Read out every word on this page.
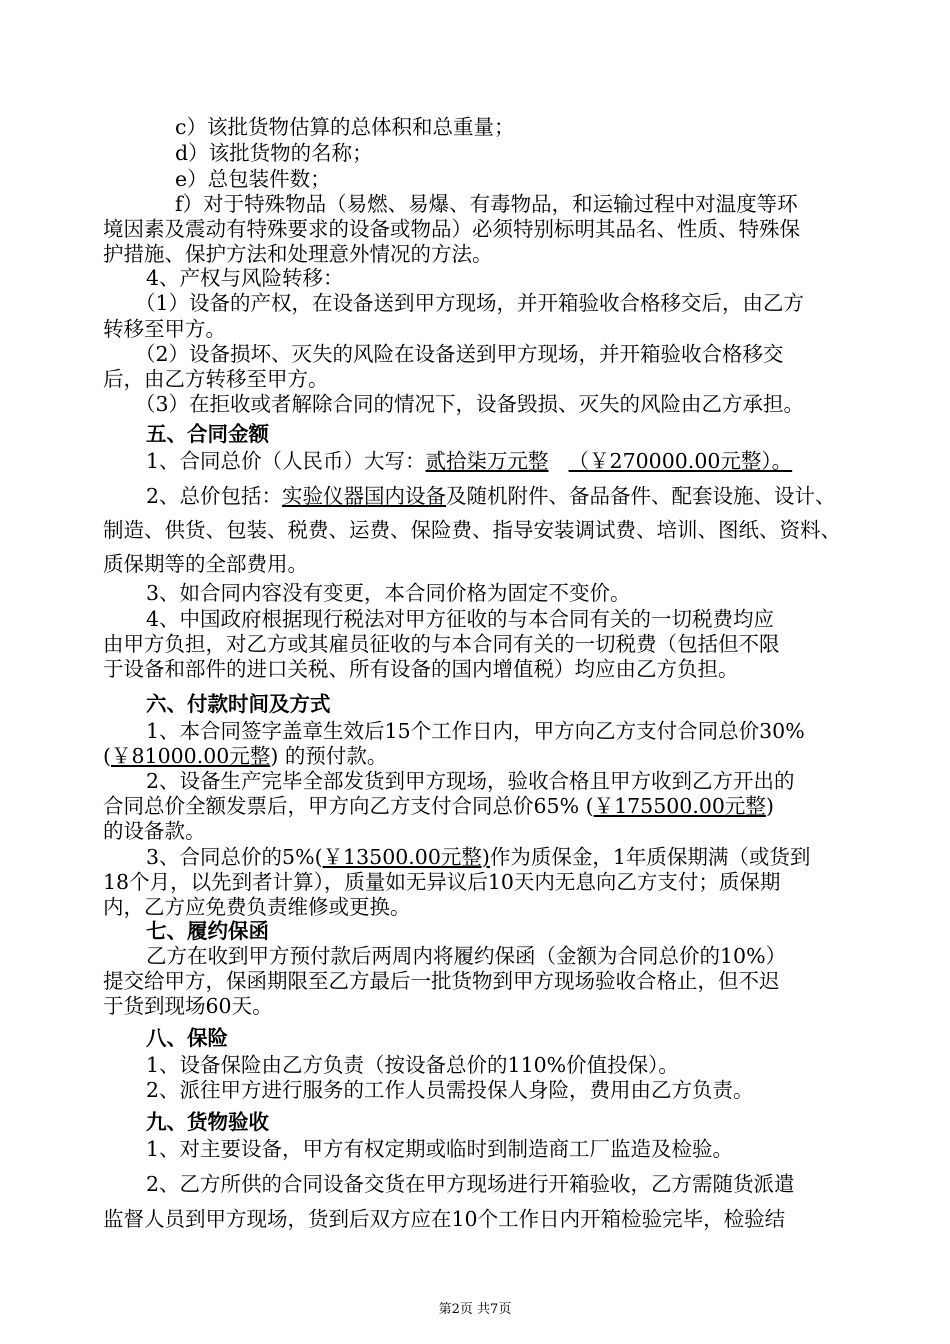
c）该批货物估算的总体积和总重量；
d）该批货物的名称；
e）总包装件数；
f）对于特殊物品（易燃、易爆、有毒物品，和运输过程中对温度等环
境因素及震动有特殊要求的设备或物品）必须特别标明其品名、性质、特殊保
护措施、保护方法和处理意外情况的方法。
4、产权与风险转移：
（1）设备的产权，在设备送到甲方现场，并开箱验收合格移交后，由乙方
转移至甲方。
（2）设备损坏、灭失的风险在设备送到甲方现场，并开箱验收合格移交
后，由乙方转移至甲方。
（3）在拒收或者解除合同的情况下，设备毁损、灭失的风险由乙方承担。
五、合同金额
1、合同总价（人民币）大写：贰拾柒万元整 （￥270000.00元整）。
2、总价包括：实验仪器国内设备及随机附件、备品备件、配套设施、设计、
制造、供货、包装、税费、运费、保险费、指导安装调试费、培训、图纸、资料、
质保期等的全部费用。
3、如合同内容没有变更，本合同价格为固定不变价。
4、中国政府根据现行税法对甲方征收的与本合同有关的一切税费均应
由甲方负担，对乙方或其雇员征收的与本合同有关的一切税费（包括但不限
于设备和部件的进口关税、所有设备的国内增值税）均应由乙方负担。
六、付款时间及方式
1、本合同签字盖章生效后15个工作日内，甲方向乙方支付合同总价30%
(￥81000.00元整) 的预付款。
2、设备生产完毕全部发货到甲方现场，验收合格且甲方收到乙方开出的
合同总价全额发票后，甲方向乙方支付合同总价65% (￥175500.00元整)
的设备款。
3、合同总价的5%(￥13500.00元整)作为质保金，1年质保期满（或货到
18个月，以先到者计算），质量如无异议后10天内无息向乙方支付；质保期
内，乙方应免费负责维修或更换。
七、履约保函
乙方在收到甲方预付款后两周内将履约保函（金额为合同总价的10%）
提交给甲方，保函期限至乙方最后一批货物到甲方现场验收合格止，但不迟
于货到现场60天。
八、保险
1、设备保险由乙方负责（按设备总价的110%价值投保）。
2、派往甲方进行服务的工作人员需投保人身险，费用由乙方负责。
九、货物验收
1、对主要设备，甲方有权定期或临时到制造商工厂监造及检验。
2、乙方所供的合同设备交货在甲方现场进行开箱验收，乙方需随货派遣
监督人员到甲方现场，货到后双方应在10个工作日内开箱检验完毕，检验结
第2页 共7页
